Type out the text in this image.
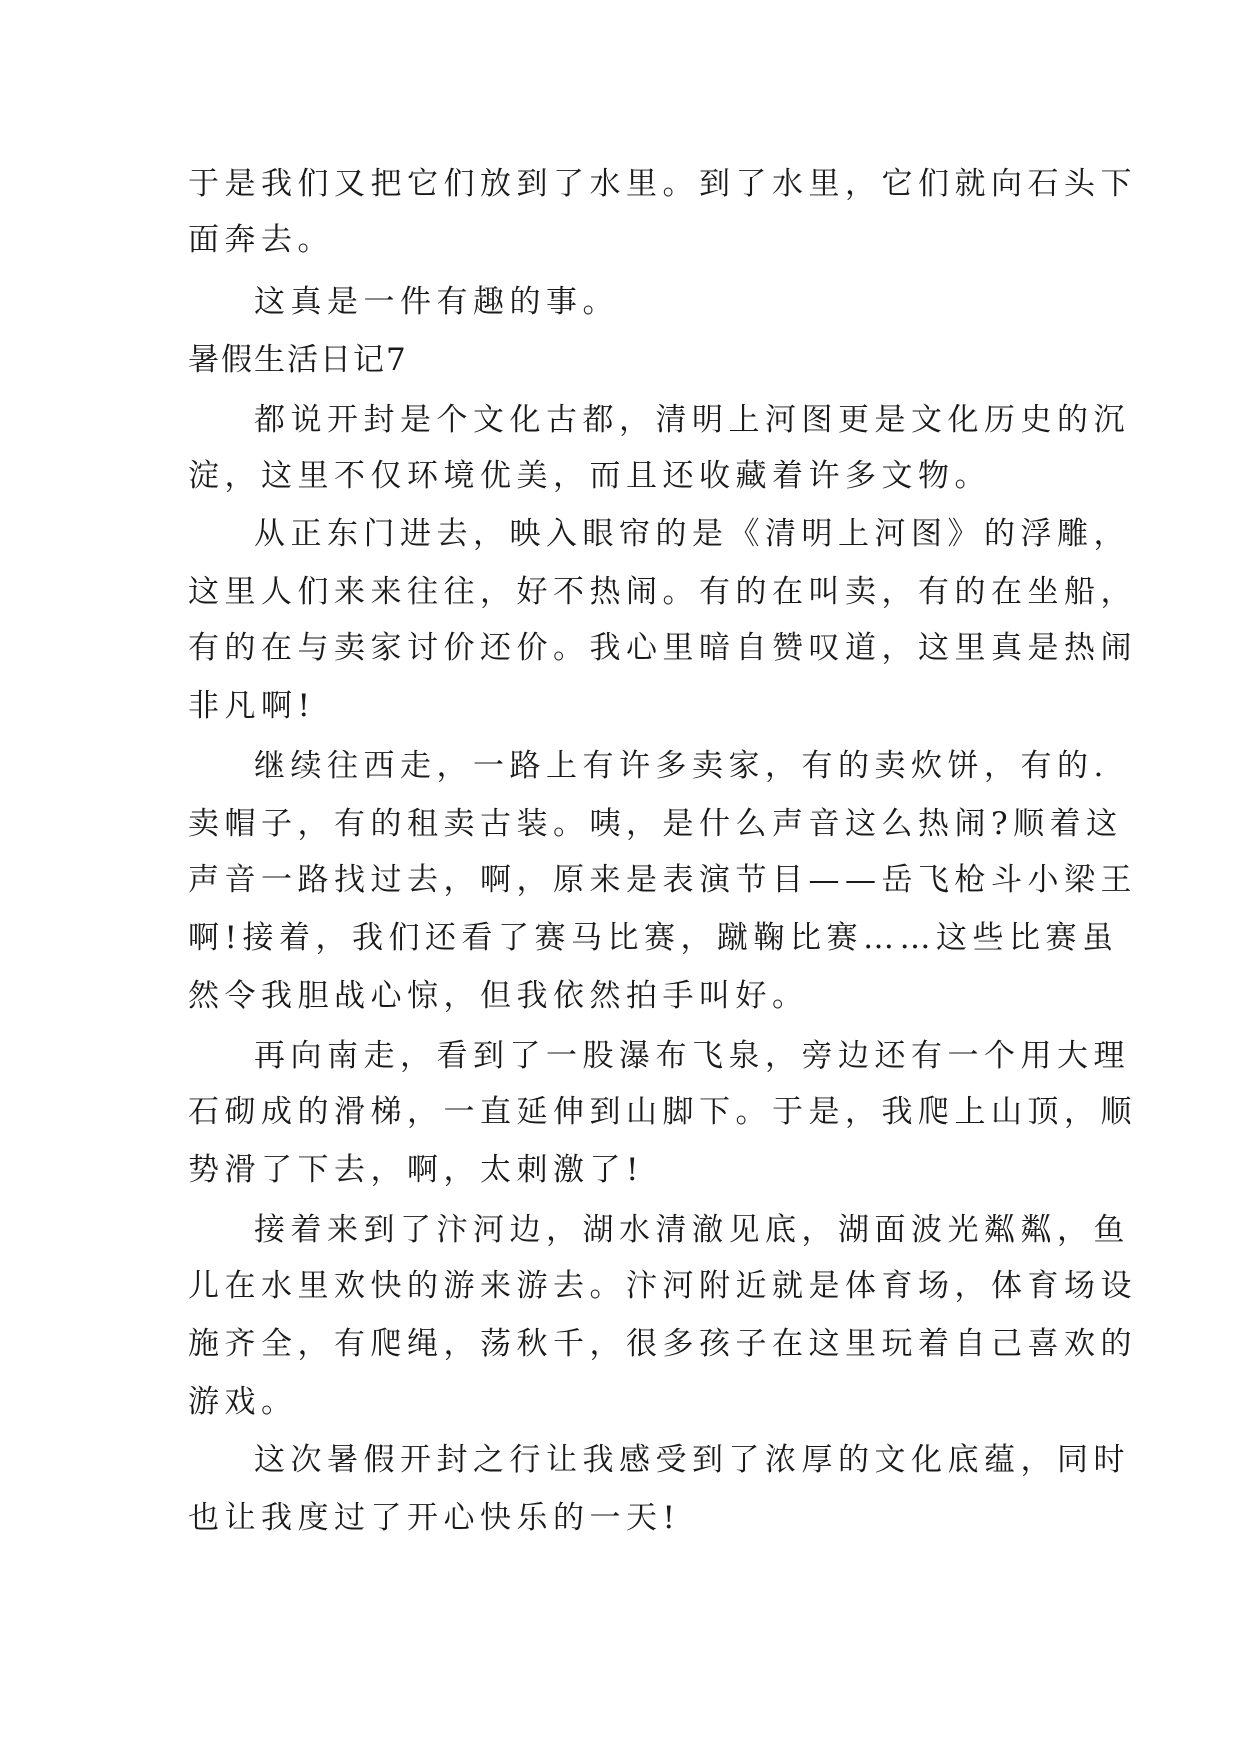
于是我们又把它们放到了水里。到了水里，它们就向石头下
面奔去。
这真是一件有趣的事。
暑假生活日记7
都说开封是个文化古都，清明上河图更是文化历史的沉
淀，这里不仅环境优美，而且还收藏着许多文物。
从正东门进去，映入眼帘的是《清明上河图》的浮雕，
这里人们来来往往，好不热闹。有的在叫卖，有的在坐船，
有的在与卖家讨价还价。我心里暗自赞叹道，这里真是热闹
非凡啊!
继续往西走，一路上有许多卖家，有的卖炊饼，有的.
卖帽子，有的租卖古装。咦，是什么声音这么热闹?顺着这
声音一路找过去，啊，原来是表演节目——岳飞枪斗小梁王
啊!接着，我们还看了赛马比赛，蹴鞠比赛……这些比赛虽
然令我胆战心惊，但我依然拍手叫好。
再向南走，看到了一股瀑布飞泉，旁边还有一个用大理
石砌成的滑梯，一直延伸到山脚下。于是，我爬上山顶，顺
势滑了下去，啊，太刺激了!
接着来到了汴河边，湖水清澈见底，湖面波光粼粼，鱼
儿在水里欢快的游来游去。汴河附近就是体育场，体育场设
施齐全，有爬绳，荡秋千，很多孩子在这里玩着自己喜欢的
游戏。
这次暑假开封之行让我感受到了浓厚的文化底蕴，同时
也让我度过了开心快乐的一天!
